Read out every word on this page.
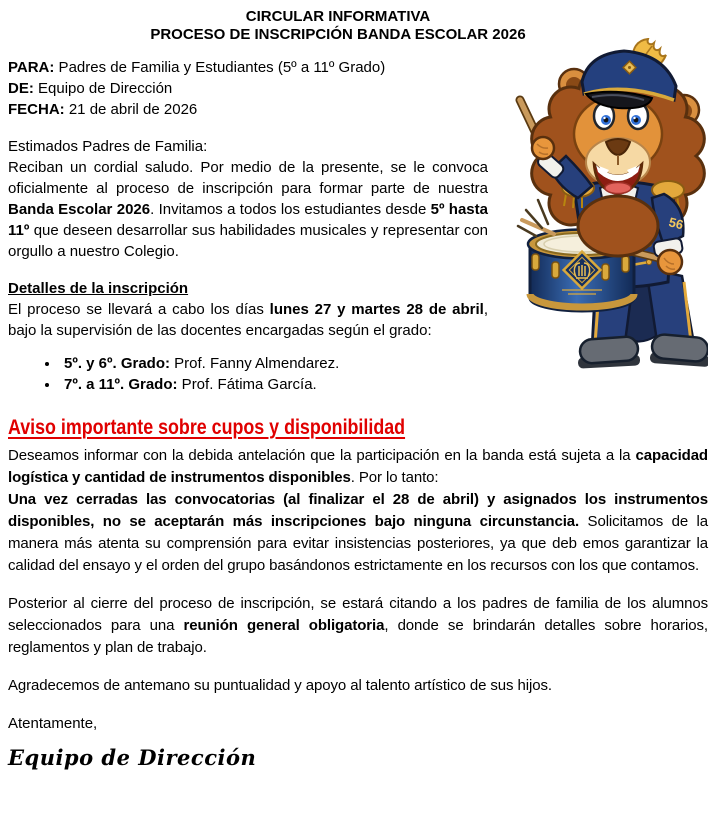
CIRCULAR INFORMATIVA
PROCESO DE INSCRIPCIÓN BANDA ESCOLAR 2026
56

PARA: Padres de Familia y Estudiantes (5º a 11º Grado)

DE: Equipo de Dirección

FECHA: 21 de abril de 2026

Estimados Padres de Familia:

Reciban un cordial saludo. Por medio de la presente, se le convoca oficialmente al proceso de inscripción para formar parte de nuestra Banda Escolar 2026. Invitamos a todos los estudiantes desde 5º hasta 11º que deseen desarrollar sus habilidades musicales y representar con orgullo a nuestro Colegio.

Detalles de la inscripción

El proceso se llevará a cabo los días lunes 27 y martes 28 de abril, bajo la supervisión de las docentes encargadas según el grado:

• 5º. y 6º. Grado: Prof. Fanny Almendarez.
• 7º. a 11º. Grado: Prof. Fátima García.
Aviso importante sobre cupos y disponibilidad

Deseamos informar con la debida antelación que la participación en la banda está sujeta a la capacidad logística y cantidad de instrumentos disponibles. Por lo tanto:

Una vez cerradas las convocatorias (al finalizar el 28 de abril) y asignados los instrumentos disponibles, no se aceptarán más inscripciones bajo ninguna circunstancia. Solicitamos de la manera más atenta su comprensión para evitar insistencias posteriores, ya que deb emos garantizar la calidad del ensayo y el orden del grupo basándonos estrictamente en los recursos con los que contamos.

Posterior al cierre del proceso de inscripción, se estará citando a los padres de familia de los alumnos seleccionados para una reunión general obligatoria, donde se brindarán detalles sobre horarios, reglamentos y plan de trabajo.

Agradecemos de antemano su puntualidad y apoyo al talento artístico de sus hijos.

Atentamente,

Equipo de Dirección
